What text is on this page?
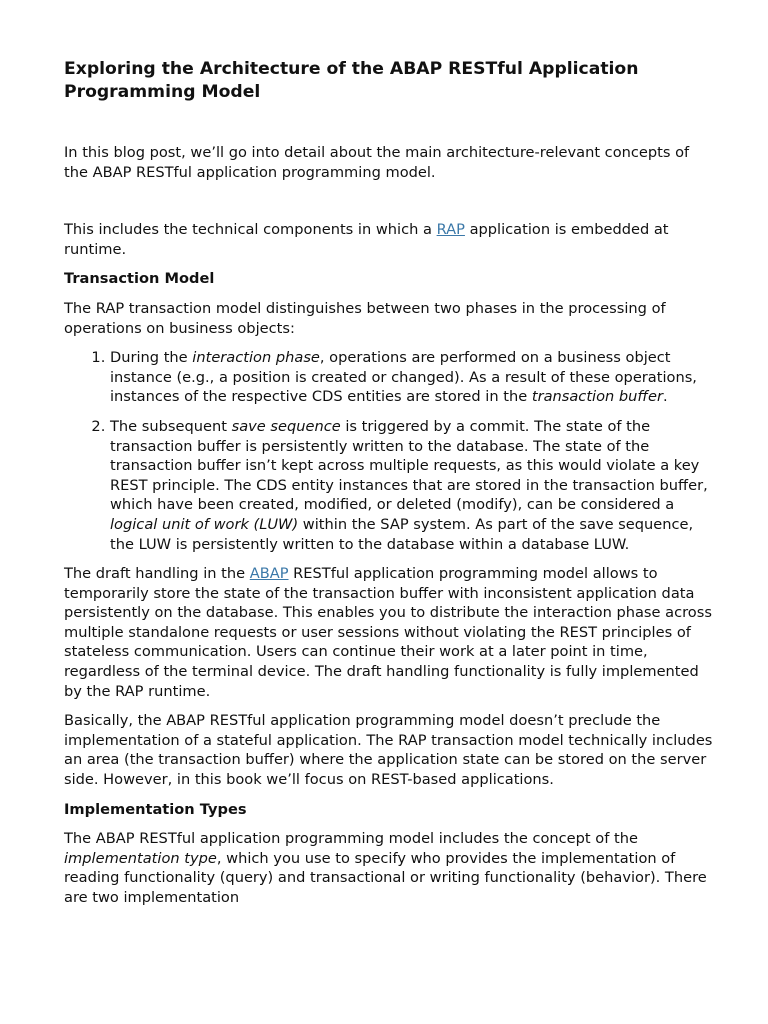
Exploring the Architecture of the ABAP RESTful Application Programming Model

In this blog post, we’ll go into detail about the main architecture-relevant concepts of the ABAP RESTful application programming model.

This includes the technical components in which a RAP application is embedded at runtime.

Transaction Model

The RAP transaction model distinguishes between two phases in the processing of operations on business objects:

1. During the interaction phase, operations are performed on a business object instance (e.g., a position is created or changed). As a result of these operations, instances of the respective CDS entities are stored in the transaction buffer.
2. The subsequent save sequence is triggered by a commit. The state of the transaction buffer is persistently written to the database. The state of the transaction buffer isn’t kept across multiple requests, as this would violate a key REST principle. The CDS entity instances that are stored in the transaction buffer, which have been created, modified, or deleted (modify), can be considered a logical unit of work (LUW) within the SAP system. As part of the save sequence, the LUW is persistently written to the database within a database LUW.

The draft handling in the ABAP RESTful application programming model allows to temporarily store the state of the transaction buffer with inconsistent application data persistently on the database. This enables you to distribute the interaction phase across multiple standalone requests or user sessions without violating the REST principles of stateless communication. Users can continue their work at a later point in time, regardless of the terminal device. The draft handling functionality is fully implemented by the RAP runtime.

Basically, the ABAP RESTful application programming model doesn’t preclude the implementation of a stateful application. The RAP transaction model technically includes an area (the transaction buffer) where the application state can be stored on the server side. However, in this book we’ll focus on REST-based applications.

Implementation Types

The ABAP RESTful application programming model includes the concept of the implementation type, which you use to specify who provides the implementation of reading functionality (query) and transactional or writing functionality (behavior). There are two implementation
